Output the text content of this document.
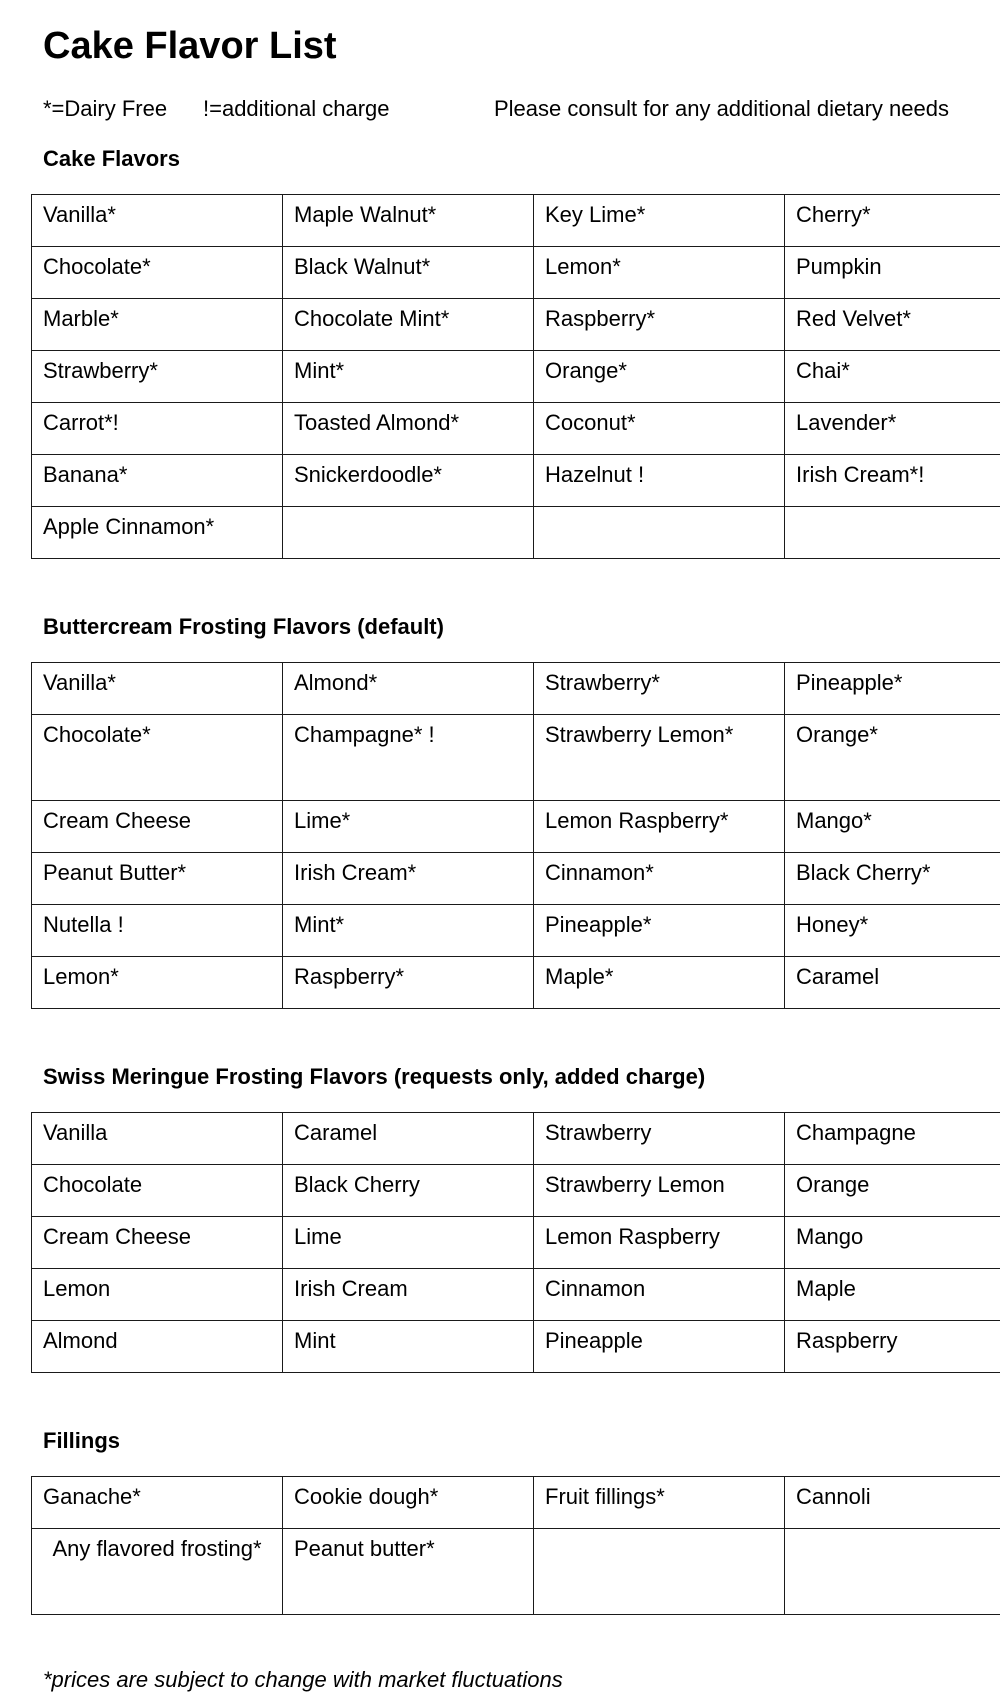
Cake Flavor List
*=Dairy Free !=additional charge	Please consult for any additional dietary needs
Cake Flavors
Vanilla*	Maple Walnut*	Key Lime*	Cherry*
Chocolate*	Black Walnut*	Lemon*	Pumpkin
Marble*	Chocolate Mint*	Raspberry*	Red Velvet*
Strawberry*	Mint*	Orange*	Chai*
Carrot*!	Toasted Almond*	Coconut*	Lavender*
Banana*	Snickerdoodle*	Hazelnut !	Irish Cream*!
Apple Cinnamon*			
Buttercream Frosting Flavors (default)
Vanilla*	Almond*	Strawberry*	Pineapple*
Chocolate*	Champagne* !	Strawberry Lemon*	Orange*
Cream Cheese	Lime*	Lemon Raspberry*	Mango*
Peanut Butter*	Irish Cream*	Cinnamon*	Black Cherry*
Nutella !	Mint*	Pineapple*	Honey*
Lemon*	Raspberry*	Maple*	Caramel
Swiss Meringue Frosting Flavors (requests only, added charge)
Vanilla	Caramel	Strawberry	Champagne
Chocolate	Black Cherry	Strawberry Lemon	Orange
Cream Cheese	Lime	Lemon Raspberry	Mango
Lemon	Irish Cream	Cinnamon	Maple
Almond	Mint	Pineapple	Raspberry
Fillings
Ganache*	Cookie dough*	Fruit fillings*	Cannoli
Any flavored frosting*	Peanut butter*		
*prices are subject to change with market fluctuations
